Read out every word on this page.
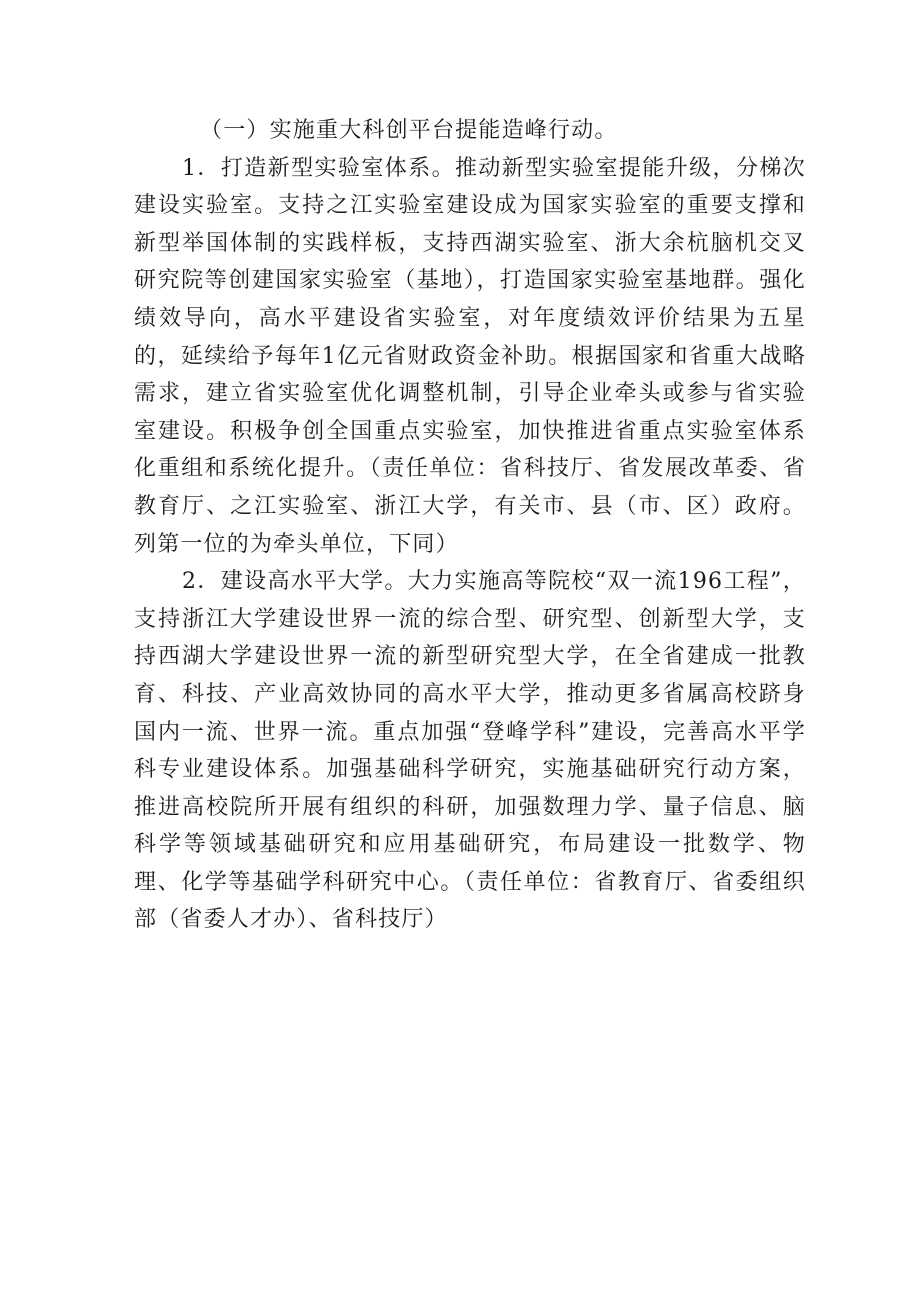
（一）实施重大科创平台提能造峰行动。

1．打造新型实验室体系。推动新型实验室提能升级，分梯次建设实验室。支持之江实验室建设成为国家实验室的重要支撑和新型举国体制的实践样板，支持西湖实验室、浙大余杭脑机交叉研究院等创建国家实验室（基地），打造国家实验室基地群。强化绩效导向，高水平建设省实验室，对年度绩效评价结果为五星的，延续给予每年1亿元省财政资金补助。根据国家和省重大战略需求，建立省实验室优化调整机制，引导企业牵头或参与省实验室建设。积极争创全国重点实验室，加快推进省重点实验室体系化重组和系统化提升。（责任单位：省科技厅、省发展改革委、省教育厅、之江实验室、浙江大学，有关市、县（市、区）政府。列第一位的为牵头单位，下同）

2．建设高水平大学。大力实施高等院校“双一流196工程”，支持浙江大学建设世界一流的综合型、研究型、创新型大学，支持西湖大学建设世界一流的新型研究型大学，在全省建成一批教育、科技、产业高效协同的高水平大学，推动更多省属高校跻身国内一流、世界一流。重点加强“登峰学科”建设，完善高水平学科专业建设体系。加强基础科学研究，实施基础研究行动方案，推进高校院所开展有组织的科研，加强数理力学、量子信息、脑科学等领域基础研究和应用基础研究，布局建设一批数学、物理、化学等基础学科研究中心。（责任单位：省教育厅、省委组织部（省委人才办）、省科技厅）
